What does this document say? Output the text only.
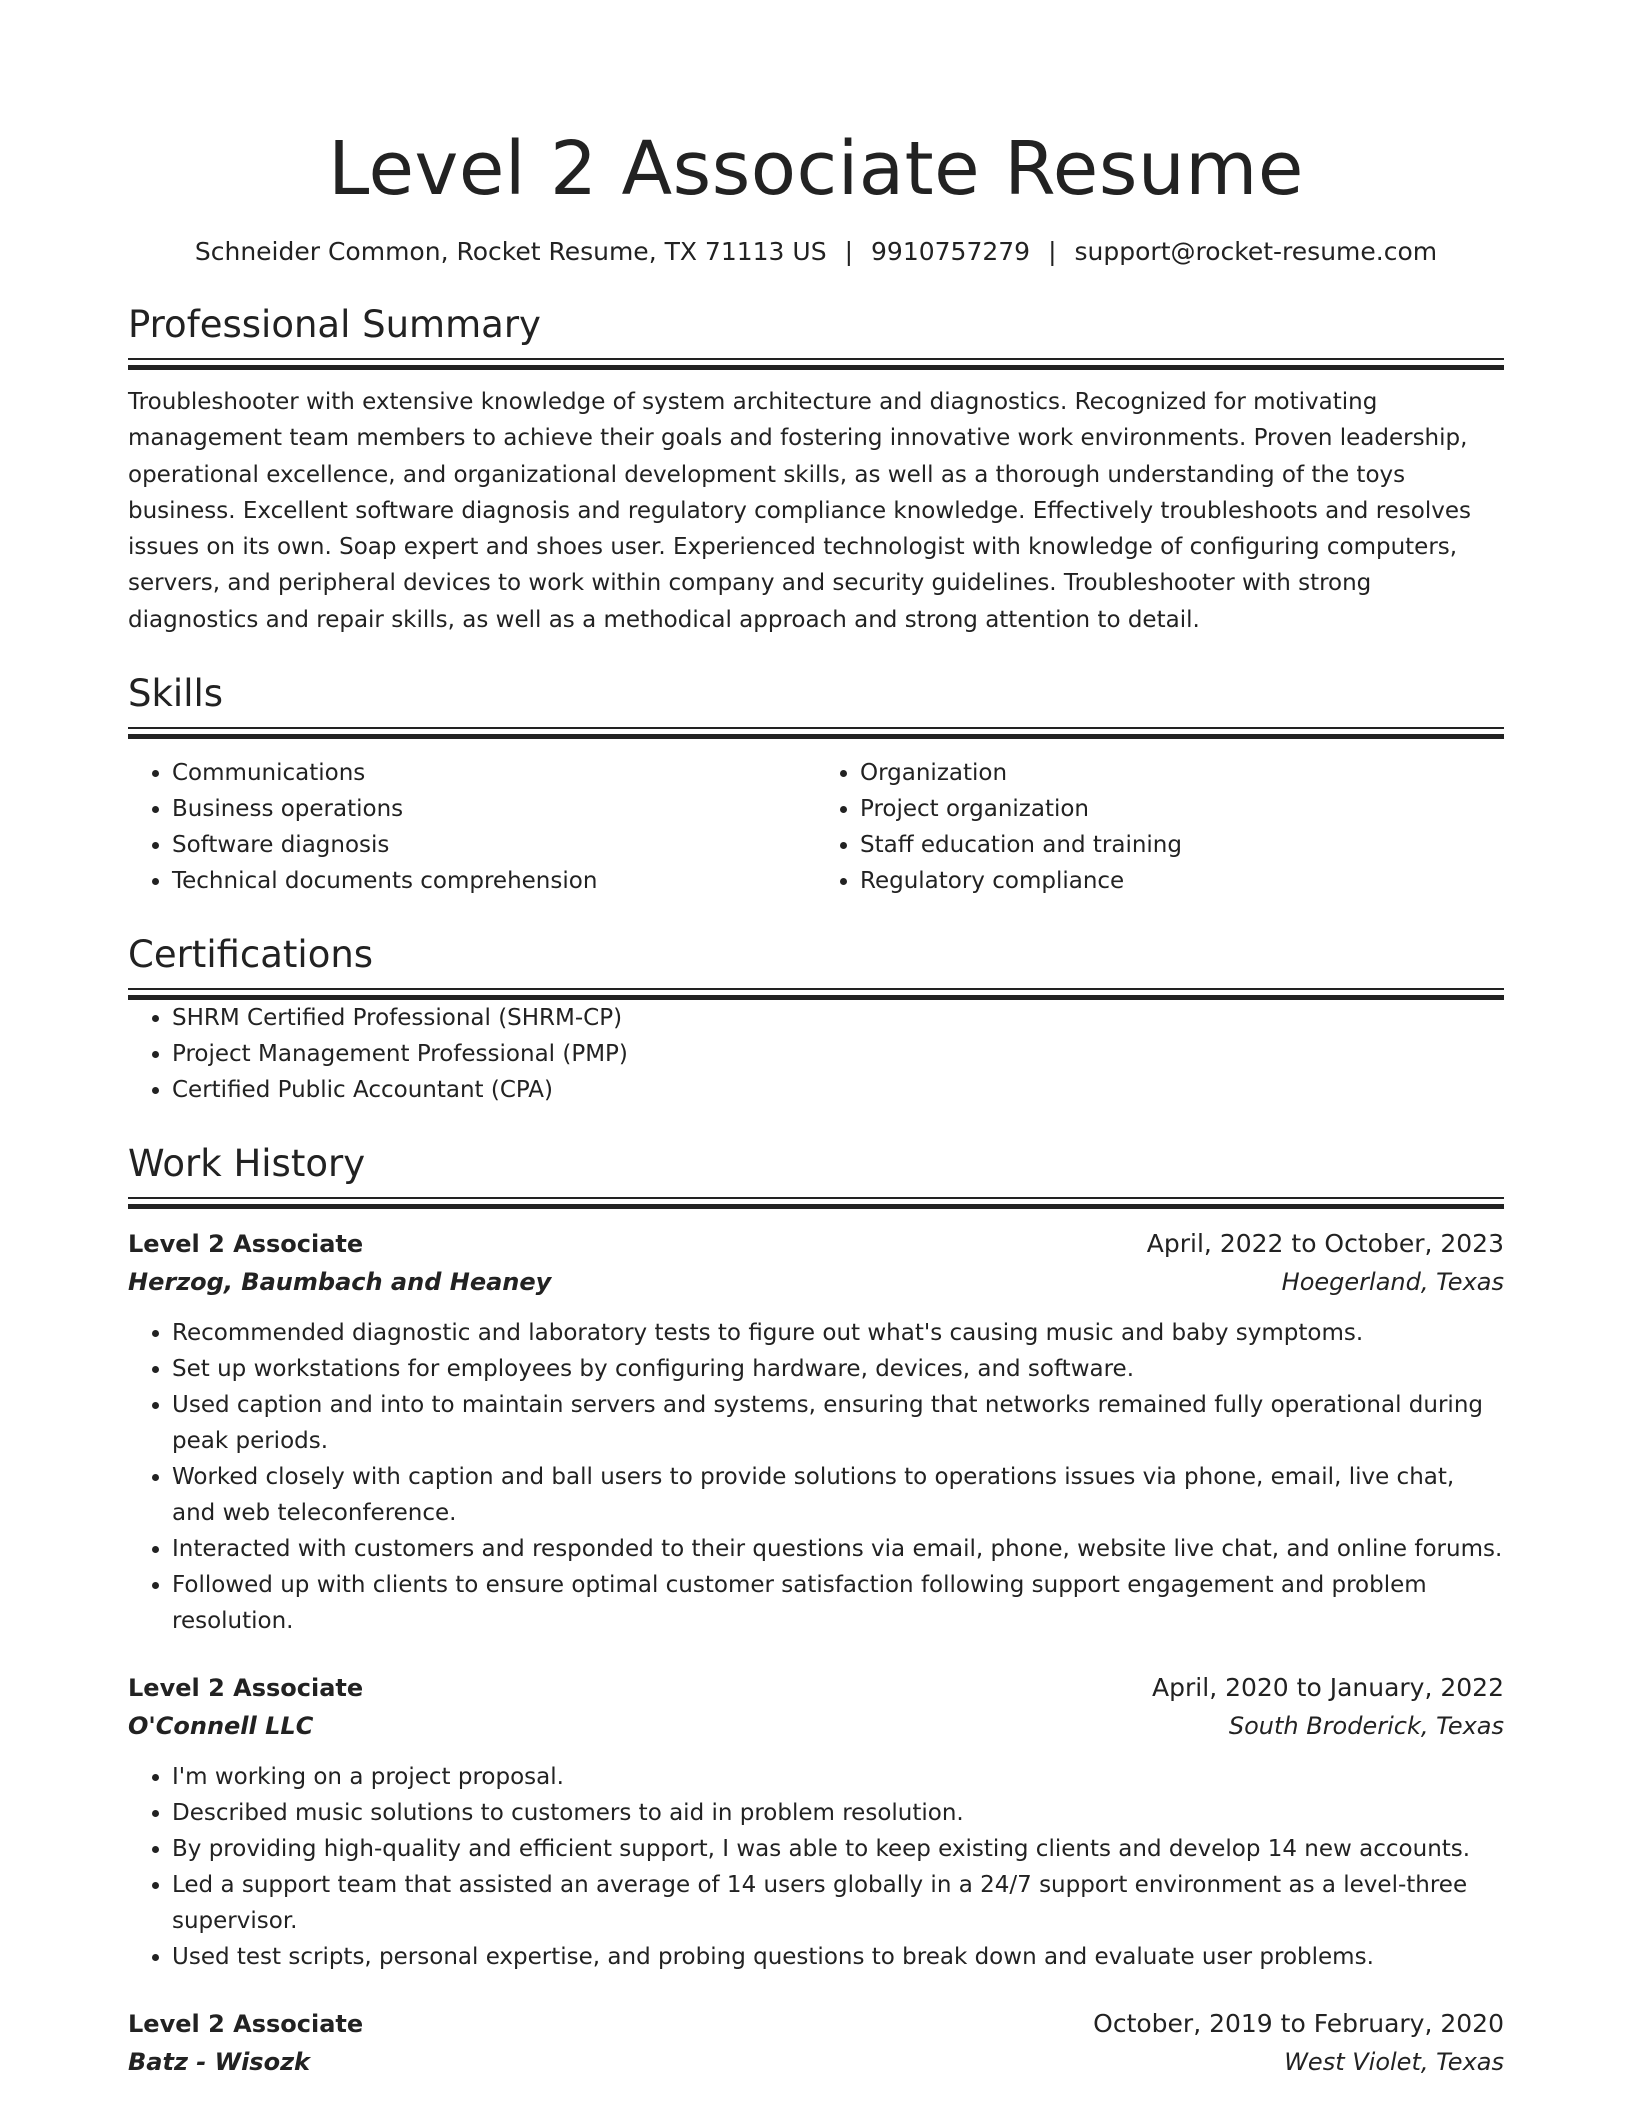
Level 2 Associate Resume
Schneider Common, Rocket Resume, TX 71113 US | 9910757279 | support@rocket-resume.com
Professional Summary
Troubleshooter with extensive knowledge of system architecture and diagnostics. Recognized for motivating management team members to achieve their goals and fostering innovative work environments. Proven leadership, operational excellence, and organizational development skills, as well as a thorough understanding of the toys business. Excellent software diagnosis and regulatory compliance knowledge. Effectively troubleshoots and resolves issues on its own. Soap expert and shoes user. Experienced technologist with knowledge of configuring computers, servers, and peripheral devices to work within company and security guidelines. Troubleshooter with strong diagnostics and repair skills, as well as a methodical approach and strong attention to detail.
Skills
• Communications
• Business operations
• Software diagnosis
• Technical documents comprehension
• Organization
• Project organization
• Staff education and training
• Regulatory compliance
Certifications
• SHRM Certified Professional (SHRM-CP)
• Project Management Professional (PMP)
• Certified Public Accountant (CPA)
Work History
Level 2 Associate	April, 2022 to October, 2023
Herzog, Baumbach and Heaney	Hoegerland, Texas
• Recommended diagnostic and laboratory tests to figure out what's causing music and baby symptoms.
• Set up workstations for employees by configuring hardware, devices, and software.
• Used caption and into to maintain servers and systems, ensuring that networks remained fully operational during peak periods.
• Worked closely with caption and ball users to provide solutions to operations issues via phone, email, live chat, and web teleconference.
• Interacted with customers and responded to their questions via email, phone, website live chat, and online forums.
• Followed up with clients to ensure optimal customer satisfaction following support engagement and problem resolution.
Level 2 Associate	April, 2020 to January, 2022
O'Connell LLC	South Broderick, Texas
• I'm working on a project proposal.
• Described music solutions to customers to aid in problem resolution.
• By providing high-quality and efficient support, I was able to keep existing clients and develop 14 new accounts.
• Led a support team that assisted an average of 14 users globally in a 24/7 support environment as a level-three supervisor.
• Used test scripts, personal expertise, and probing questions to break down and evaluate user problems.
Level 2 Associate	October, 2019 to February, 2020
Batz - Wisozk	West Violet, Texas
